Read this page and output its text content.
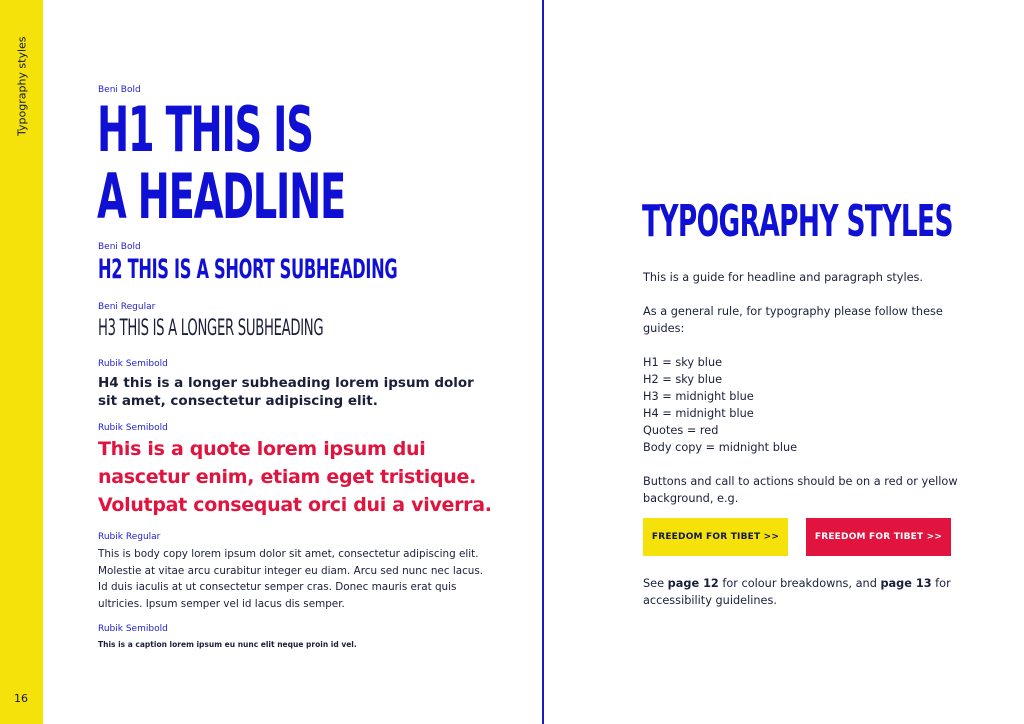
Typography styles
16
Beni Bold
H1 THIS IS
A HEADLINE
Beni Bold
H2 THIS IS A SHORT SUBHEADING
Beni Regular
H3 THIS IS A LONGER SUBHEADING
Rubik Semibold
H4 this is a longer subheading lorem ipsum dolor sit amet, consectetur adipiscing elit.
Rubik Semibold
This is a quote lorem ipsum dui nascetur enim, etiam eget tristique. Volutpat consequat orci dui a viverra.
Rubik Regular
This is body copy lorem ipsum dolor sit amet, consectetur adipiscing elit. Molestie at vitae arcu curabitur integer eu diam. Arcu sed nunc nec lacus. Id duis iaculis at ut consectetur semper cras. Donec mauris erat quis ultricies. Ipsum semper vel id lacus dis semper.
Rubik Semibold
This is a caption lorem ipsum eu nunc elit neque proin id vel.
TYPOGRAPHY STYLES

This is a guide for headline and paragraph styles.

As a general rule, for typography please follow these guides:

H1 = sky blue

H2 = sky blue

H3 = midnight blue

H4 = midnight blue

Quotes = red

Body copy = midnight blue

Buttons and call to actions should be on a red or yellow background, e.g.

FREEDOM FOR TIBET >>	FREEDOM FOR TIBET >>

See page 12 for colour breakdowns, and page 13 for accessibility guidelines.
